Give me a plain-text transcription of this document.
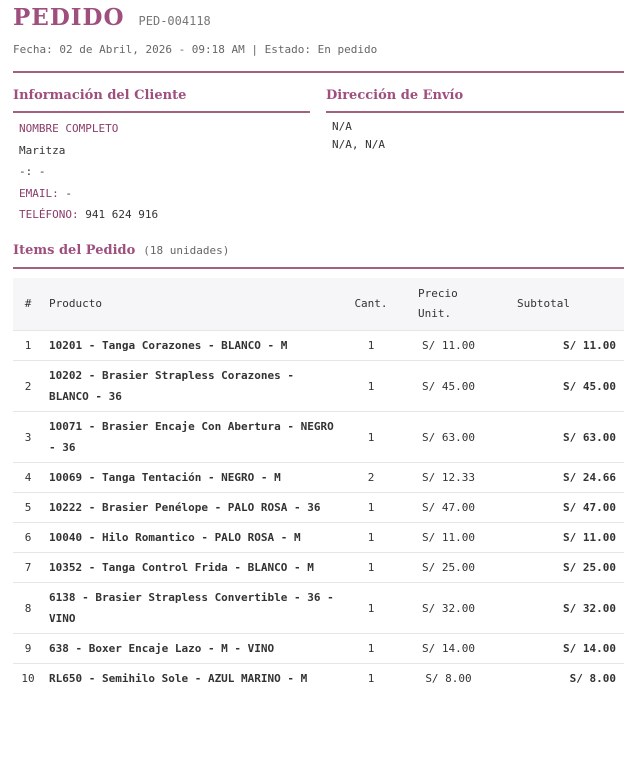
PEDIDO PED-004118
Fecha: 02 de Abril, 2026 - 09:18 AM | Estado: En pedido
Información del Cliente
NOMBRE COMPLETO
Maritza
-: -
EMAIL: -
TELÉFONO: 941 624 916
Dirección de Envío
N/A
N/A, N/A
Items del Pedido (18 unidades)
#	Producto	Cant.	Precio Unit.	Subtotal
1	10201 - Tanga Corazones - BLANCO - M	1	S/ 11.00	S/ 11.00
2	10202 - Brasier Strapless Corazones - BLANCO - 36	1	S/ 45.00	S/ 45.00
3	10071 - Brasier Encaje Con Abertura - NEGRO - 36	1	S/ 63.00	S/ 63.00
4	10069 - Tanga Tentación - NEGRO - M	2	S/ 12.33	S/ 24.66
5	10222 - Brasier Penélope - PALO ROSA - 36	1	S/ 47.00	S/ 47.00
6	10040 - Hilo Romantico - PALO ROSA - M	1	S/ 11.00	S/ 11.00
7	10352 - Tanga Control Frida - BLANCO - M	1	S/ 25.00	S/ 25.00
8	6138 - Brasier Strapless Convertible - 36 - VINO	1	S/ 32.00	S/ 32.00
9	638 - Boxer Encaje Lazo - M - VINO	1	S/ 14.00	S/ 14.00
10	RL650 - Semihilo Sole - AZUL MARINO - M	1	S/ 8.00	S/ 8.00
